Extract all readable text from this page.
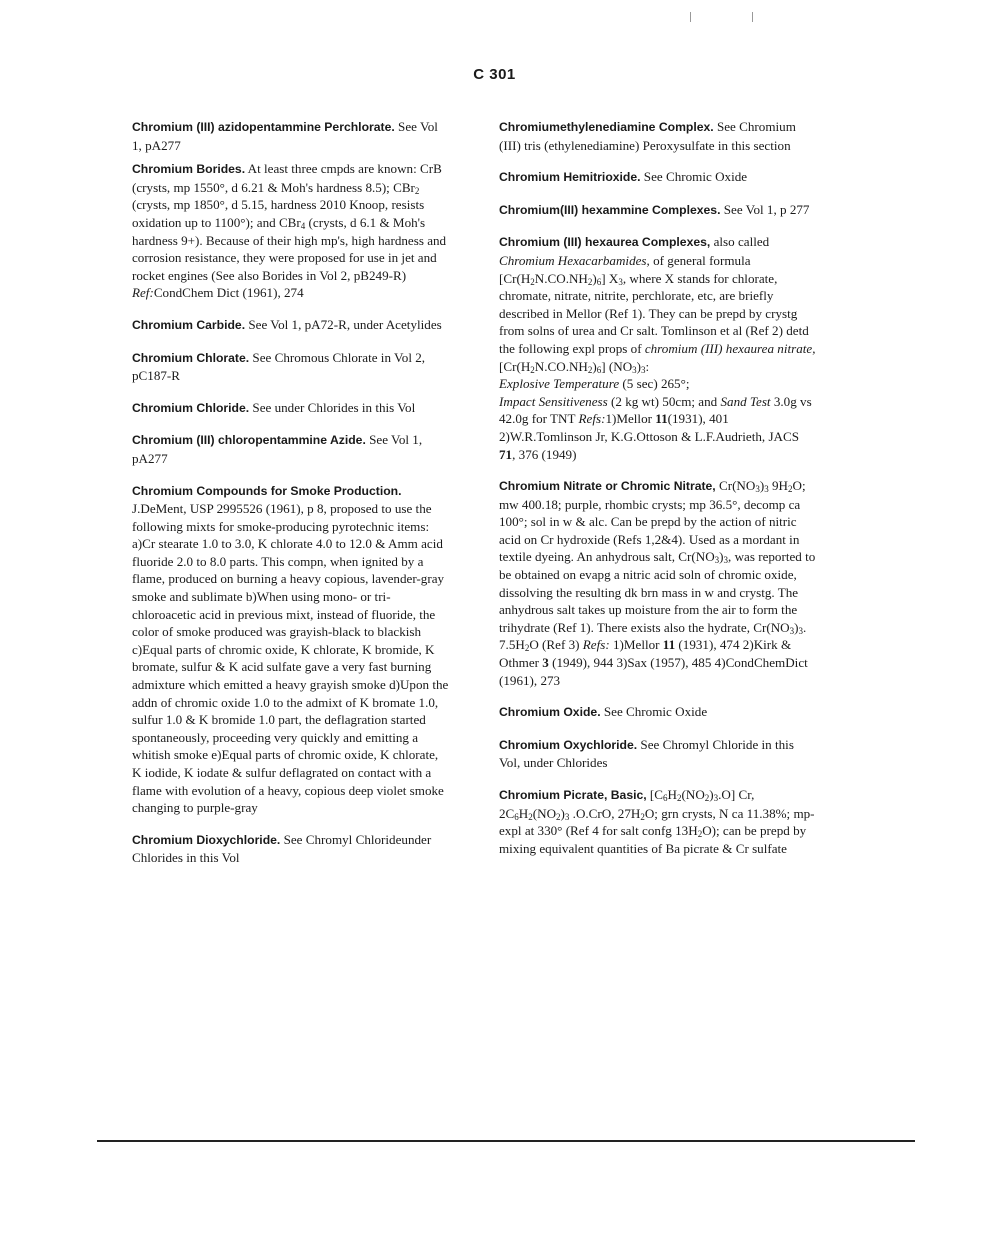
C 301

Chromium (III) azidopentammine Perchlorate. See Vol 1, pA277

Chromium Borides. At least three cmpds are known: CrB (crysts, mp 1550°, d 6.21 & Moh's hardness 8.5); CBr$_2$ (crysts, mp 1850°, d 5.15, hardness 2010 Knoop, resists oxidation up to 1100°); and CBr$_4$ (crysts, d 6.1 & Moh's hardness 9+). Because of their high mp's, high hardness and corrosion resistance, they were proposed for use in jet and rocket engines (See also Borides in Vol 2, pB249-R) Ref:CondChem Dict (1961), 274

Chromium Carbide. See Vol 1, pA72-R, under Acetylides

Chromium Chlorate. See Chromous Chlorate in Vol 2, pC187-R

Chromium Chloride. See under Chlorides in this Vol

Chromium (III) chloropentammine Azide. See Vol 1, pA277

Chromium Compounds for Smoke Production. J.DeMent, USP 2995526 (1961), p 8, proposed to use the following mixts for smoke-producing pyrotechnic items: a)Cr stearate 1.0 to 3.0, K chlorate 4.0 to 12.0 & Amm acid fluoride 2.0 to 8.0 parts. This compn, when ignited by a flame, produced on burning a heavy copious, lavender-gray smoke and sublimate b)When using mono- or tri-chloroacetic acid in previous mixt, instead of fluoride, the color of smoke produced was grayish-black to blackish c)Equal parts of chromic oxide, K chlorate, K bromide, K bromate, sulfur & K acid sulfate gave a very fast burning admixture which emitted a heavy grayish smoke d)Upon the addn of chromic oxide 1.0 to the admixt of K bromate 1.0, sulfur 1.0 & K bromide 1.0 part, the deflagration started spontaneously, proceeding very quickly and emitting a whitish smoke e)Equal parts of chromic oxide, K chlorate, K iodide, K iodate & sulfur deflagrated on contact with a flame with evolution of a heavy, copious deep violet smoke changing to purple-gray

Chromium Dioxychloride. See Chromyl Chlorideunder Chlorides in this Vol

Chromiumethylenediamine Complex. See Chromium (III) tris (ethylenediamine) Peroxysulfate in this section

Chromium Hemitrioxide. See Chromic Oxide

Chromium(III) hexammine Complexes. See Vol 1, p 277

Chromium (III) hexaurea Complexes, also called Chromium Hexacarbamides, of general formula $[Cr(H_2N.CO.NH_2)_6]$ $X_3$, where X stands for chlorate, chromate, nitrate, nitrite, perchlorate, etc, are briefly described in Mellor (Ref 1). They can be prepd by crystg from solns of urea and Cr salt. Tomlinson et al (Ref 2) detd the following expl props of chromium (III) hexaurea nitrate, $[Cr(H_2N.CO.NH_2)_6]$ $(NO_3)_3$:
Explosive Temperature (5 sec) 265°;
Impact Sensitiveness (2 kg wt) 50cm; and Sand Test 3.0g vs 42.0g for TNT Refs:1)Mellor 11(1931), 401 2)W.R.Tomlinson Jr, K.G.Ottoson & L.F.Audrieth, JACS 71, 376 (1949)

Chromium Nitrate or Chromic Nitrate, $Cr(NO_3)_3$ $9H_2O$; mw 400.18; purple, rhombic crysts; mp 36.5°, decomp ca 100°; sol in w & alc. Can be prepd by the action of nitric acid on Cr hydroxide (Refs 1,2&4). Used as a mordant in textile dyeing. An anhydrous salt, $Cr(NO_3)_3$, was reported to be obtained on evapg a nitric acid soln of chromic oxide, dissolving the resulting dk brn mass in w and crystg. The anhydrous salt takes up moisture from the air to form the trihydrate (Ref 1). There exists also the hydrate, $Cr(NO_3)_3$. $7.5H_2O$ (Ref 3) Refs: 1)Mellor 11 (1931), 474 2)Kirk & Othmer 3 (1949), 944 3)Sax (1957), 485 4)CondChemDict (1961), 273

Chromium Oxide. See Chromic Oxide

Chromium Oxychloride. See Chromyl Chloride in this Vol, under Chlorides

Chromium Picrate, Basic, $[C_6H_2(NO_2)_3.O]$ Cr, $2C_6H_2(NO_2)_3$ .O.CrO, $27H_2O$; grn crysts, N ca 11.38%; mp-expl at 330° (Ref 4 for salt confg $13H_2O$); can be prepd by mixing equivalent quantities of Ba picrate & Cr sulfate
